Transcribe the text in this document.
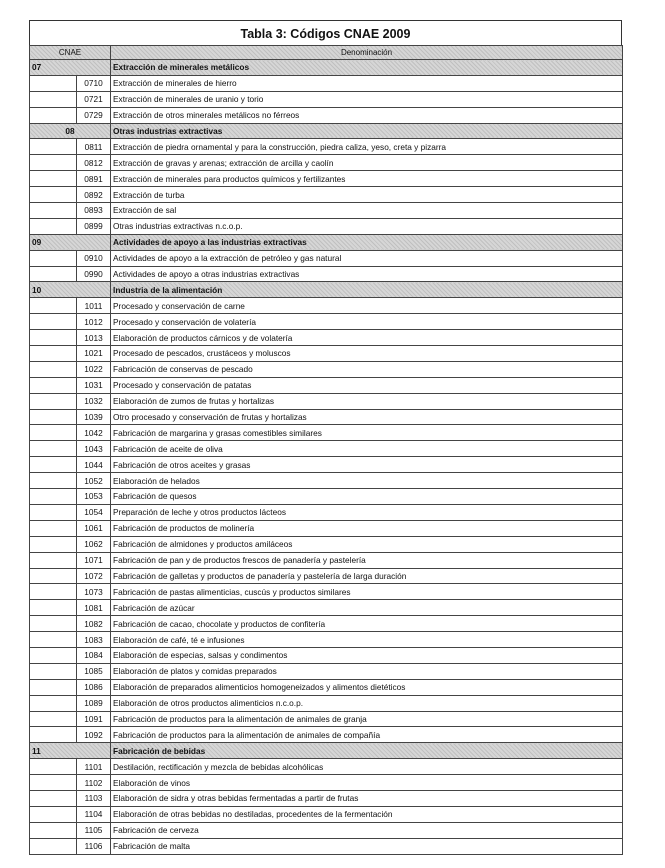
Tabla 3: Códigos CNAE 2009
CNAE		Denominación
07		Extracción de minerales metálicos
	0710	Extracción de minerales de hierro
	0721	Extracción de minerales de uranio y torio
	0729	Extracción de otros minerales metálicos no férreos
08		Otras industrias extractivas
	0811	Extracción de piedra ornamental y para la construcción, piedra caliza, yeso, creta y pizarra
	0812	Extracción de gravas y arenas; extracción de arcilla y caolín
	0891	Extracción de minerales para productos químicos y fertilizantes
	0892	Extracción de turba
	0893	Extracción de sal
	0899	Otras industrias extractivas n.c.o.p.
09		Actividades de apoyo a las industrias extractivas
	0910	Actividades de apoyo a la extracción de petróleo y gas natural
	0990	Actividades de apoyo a otras industrias extractivas
10		Industria de la alimentación
	1011	Procesado y conservación de carne
	1012	Procesado y conservación de volatería
	1013	Elaboración de productos cárnicos y de volatería
	1021	Procesado de pescados, crustáceos y moluscos
	1022	Fabricación de conservas de pescado
	1031	Procesado y conservación de patatas
	1032	Elaboración de zumos de frutas y hortalizas
	1039	Otro procesado y conservación de frutas y hortalizas
	1042	Fabricación de margarina y grasas comestibles similares
	1043	Fabricación de aceite de oliva
	1044	Fabricación de otros aceites y grasas
	1052	Elaboración de helados
	1053	Fabricación de quesos
	1054	Preparación de leche y otros productos lácteos
	1061	Fabricación de productos de molinería
	1062	Fabricación de almidones y productos amiláceos
	1071	Fabricación de pan y de productos frescos de panadería y pastelería
	1072	Fabricación de galletas y productos de panadería y pastelería de larga duración
	1073	Fabricación de pastas alimenticias, cuscús y productos similares
	1081	Fabricación de azúcar
	1082	Fabricación de cacao, chocolate y productos de confitería
	1083	Elaboración de café, té e infusiones
	1084	Elaboración de especias, salsas y condimentos
	1085	Elaboración de platos y comidas preparados
	1086	Elaboración de preparados alimenticios homogeneizados y alimentos dietéticos
	1089	Elaboración de otros productos alimenticios n.c.o.p.
	1091	Fabricación de productos para la alimentación de animales de granja
	1092	Fabricación de productos para la alimentación de animales de compañía
11		Fabricación de bebidas
	1101	Destilación, rectificación y mezcla de bebidas alcohólicas
	1102	Elaboración de vinos
	1103	Elaboración de sidra y otras bebidas fermentadas a partir de frutas
	1104	Elaboración de otras bebidas no destiladas, procedentes de la fermentación
	1105	Fabricación de cerveza
	1106	Fabricación de malta
